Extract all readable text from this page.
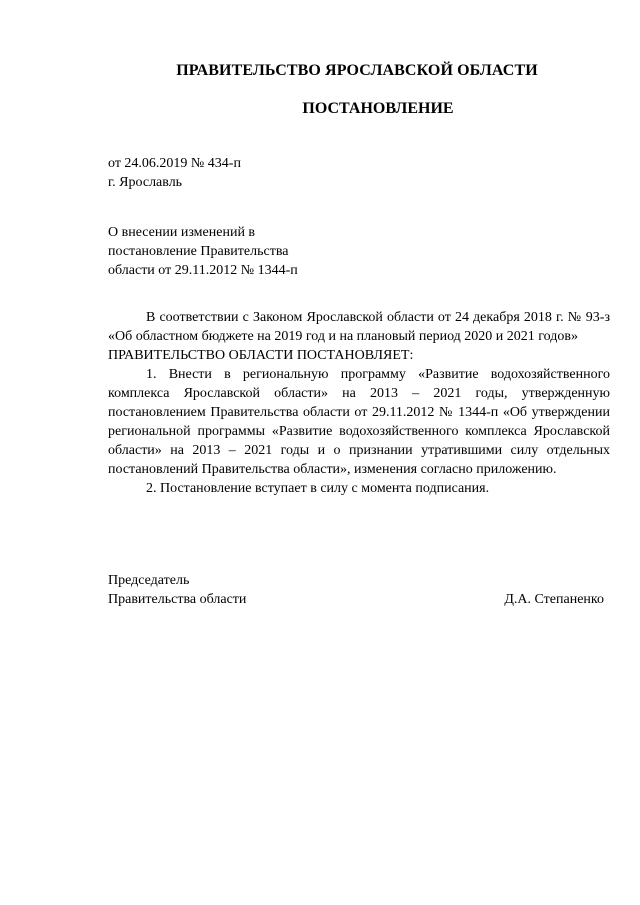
ПРАВИТЕЛЬСТВО ЯРОСЛАВСКОЙ ОБЛАСТИ
ПОСТАНОВЛЕНИЕ
от 24.06.2019 № 434-п
г. Ярославль
О внесении изменений в
постановление Правительства
области от 29.11.2012 № 1344-п

В соответствии с Законом Ярославской области от 24 декабря 2018 г. № 93-з «Об областном бюджете на 2019 год и на плановый период 2020 и 2021 годов»

ПРАВИТЕЛЬСТВО ОБЛАСТИ ПОСТАНОВЛЯЕТ:

1. Внести в региональную программу «Развитие водохозяйственного комплекса Ярославской области» на 2013 – 2021 годы, утвержденную постановлением Правительства области от 29.11.2012 № 1344-п «Об утверждении региональной программы «Развитие водохозяйственного комплекса Ярославской области» на 2013 – 2021 годы и о признании утратившими силу отдельных постановлений Правительства области», изменения согласно приложению.

2. Постановление вступает в силу с момента подписания.

Председатель
Правительства области	Д.А. Степаненко
